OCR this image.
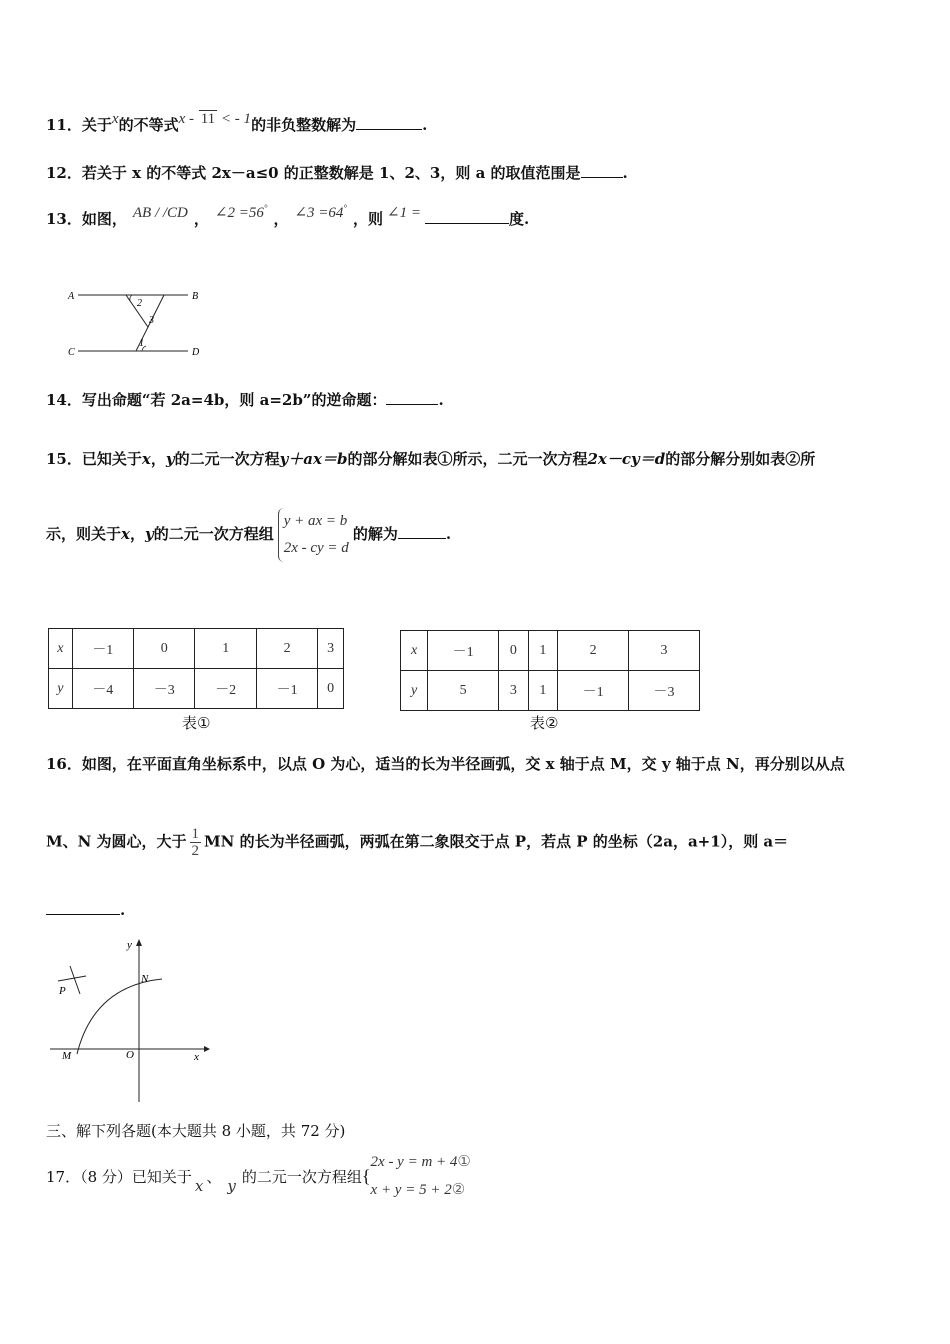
11．关于x的不等式x - 11 < - 1的非负整数解为	.
12．若关于 x 的不等式 2x－a≤0 的正整数解是 1、2、3，则 a 的取值范围是	.
13．如图， AB / /CD ， ∠2 =56°， ∠3 =64°，则 ∠1 =	度.
A	B
C	D
2
3
1
14．写出命题“若 2a=4b，则 a=2b”的逆命题：	.
15．已知关于x，y的二元一次方程y＋ax＝b的部分解如表①所示，二元一次方程2x－cy＝d的部分解分别如表②所
示，则关于x，y的二元一次方程组
y + ax = b
2x - cy = d
的解为	.
x	－1	0	1	2	3
y	－4	－3	－2	－1	0
表①
x	－1	0	1	2	3
y	5	3	1	－1	－3
表②
16．如图，在平面直角坐标系中，以点 O 为心，适当的长为半径画弧，交 x 轴于点 M，交 y 轴于点 N，再分别以从点
M、N 为圆心，大于 $\frac{1}{2}$ MN 的长为半径画弧，两弧在第二象限交于点 P，若点 P 的坐标（2a，a+1），则 a＝
.
y
x
N
P
M	O
三、解下列各题(本大题共 8 小题，共 72 分)
17．（8 分）已知关于x、y的二元一次方程组{
2x - y = m + 4①
x + y = 5 + 2②
